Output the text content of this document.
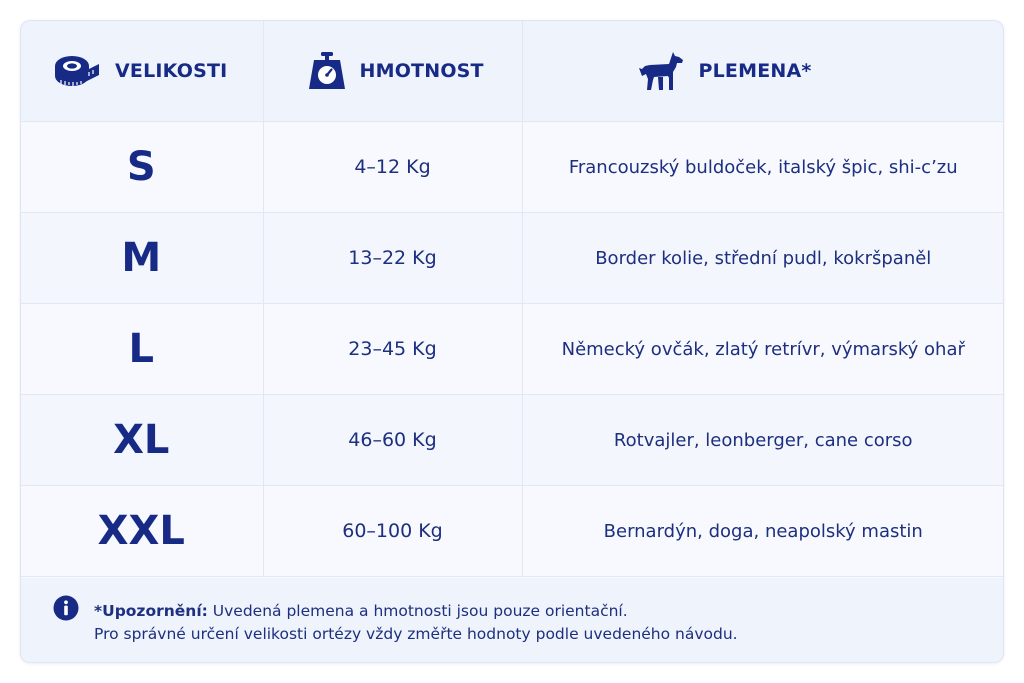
VELIKOSTI	HMOTNOST	PLEMENA*

S	4–12 Kg	Francouzský buldoček, italský špic, shi-c’zu
M	13–22 Kg	Border kolie, střední pudl, kokršpaněl
L	23–45 Kg	Německý ovčák, zlatý retrívr, výmarský ohař
XL	46–60 Kg	Rotvajler, leonberger, cane corso
XXL	60–100 Kg	Bernardýn, doga, neapolský mastin
*Upozornění: Uvedená plemena a hmotnosti jsou pouze orientační.
Pro správné určení velikosti ortézy vždy změřte hodnoty podle uvedeného návodu.
